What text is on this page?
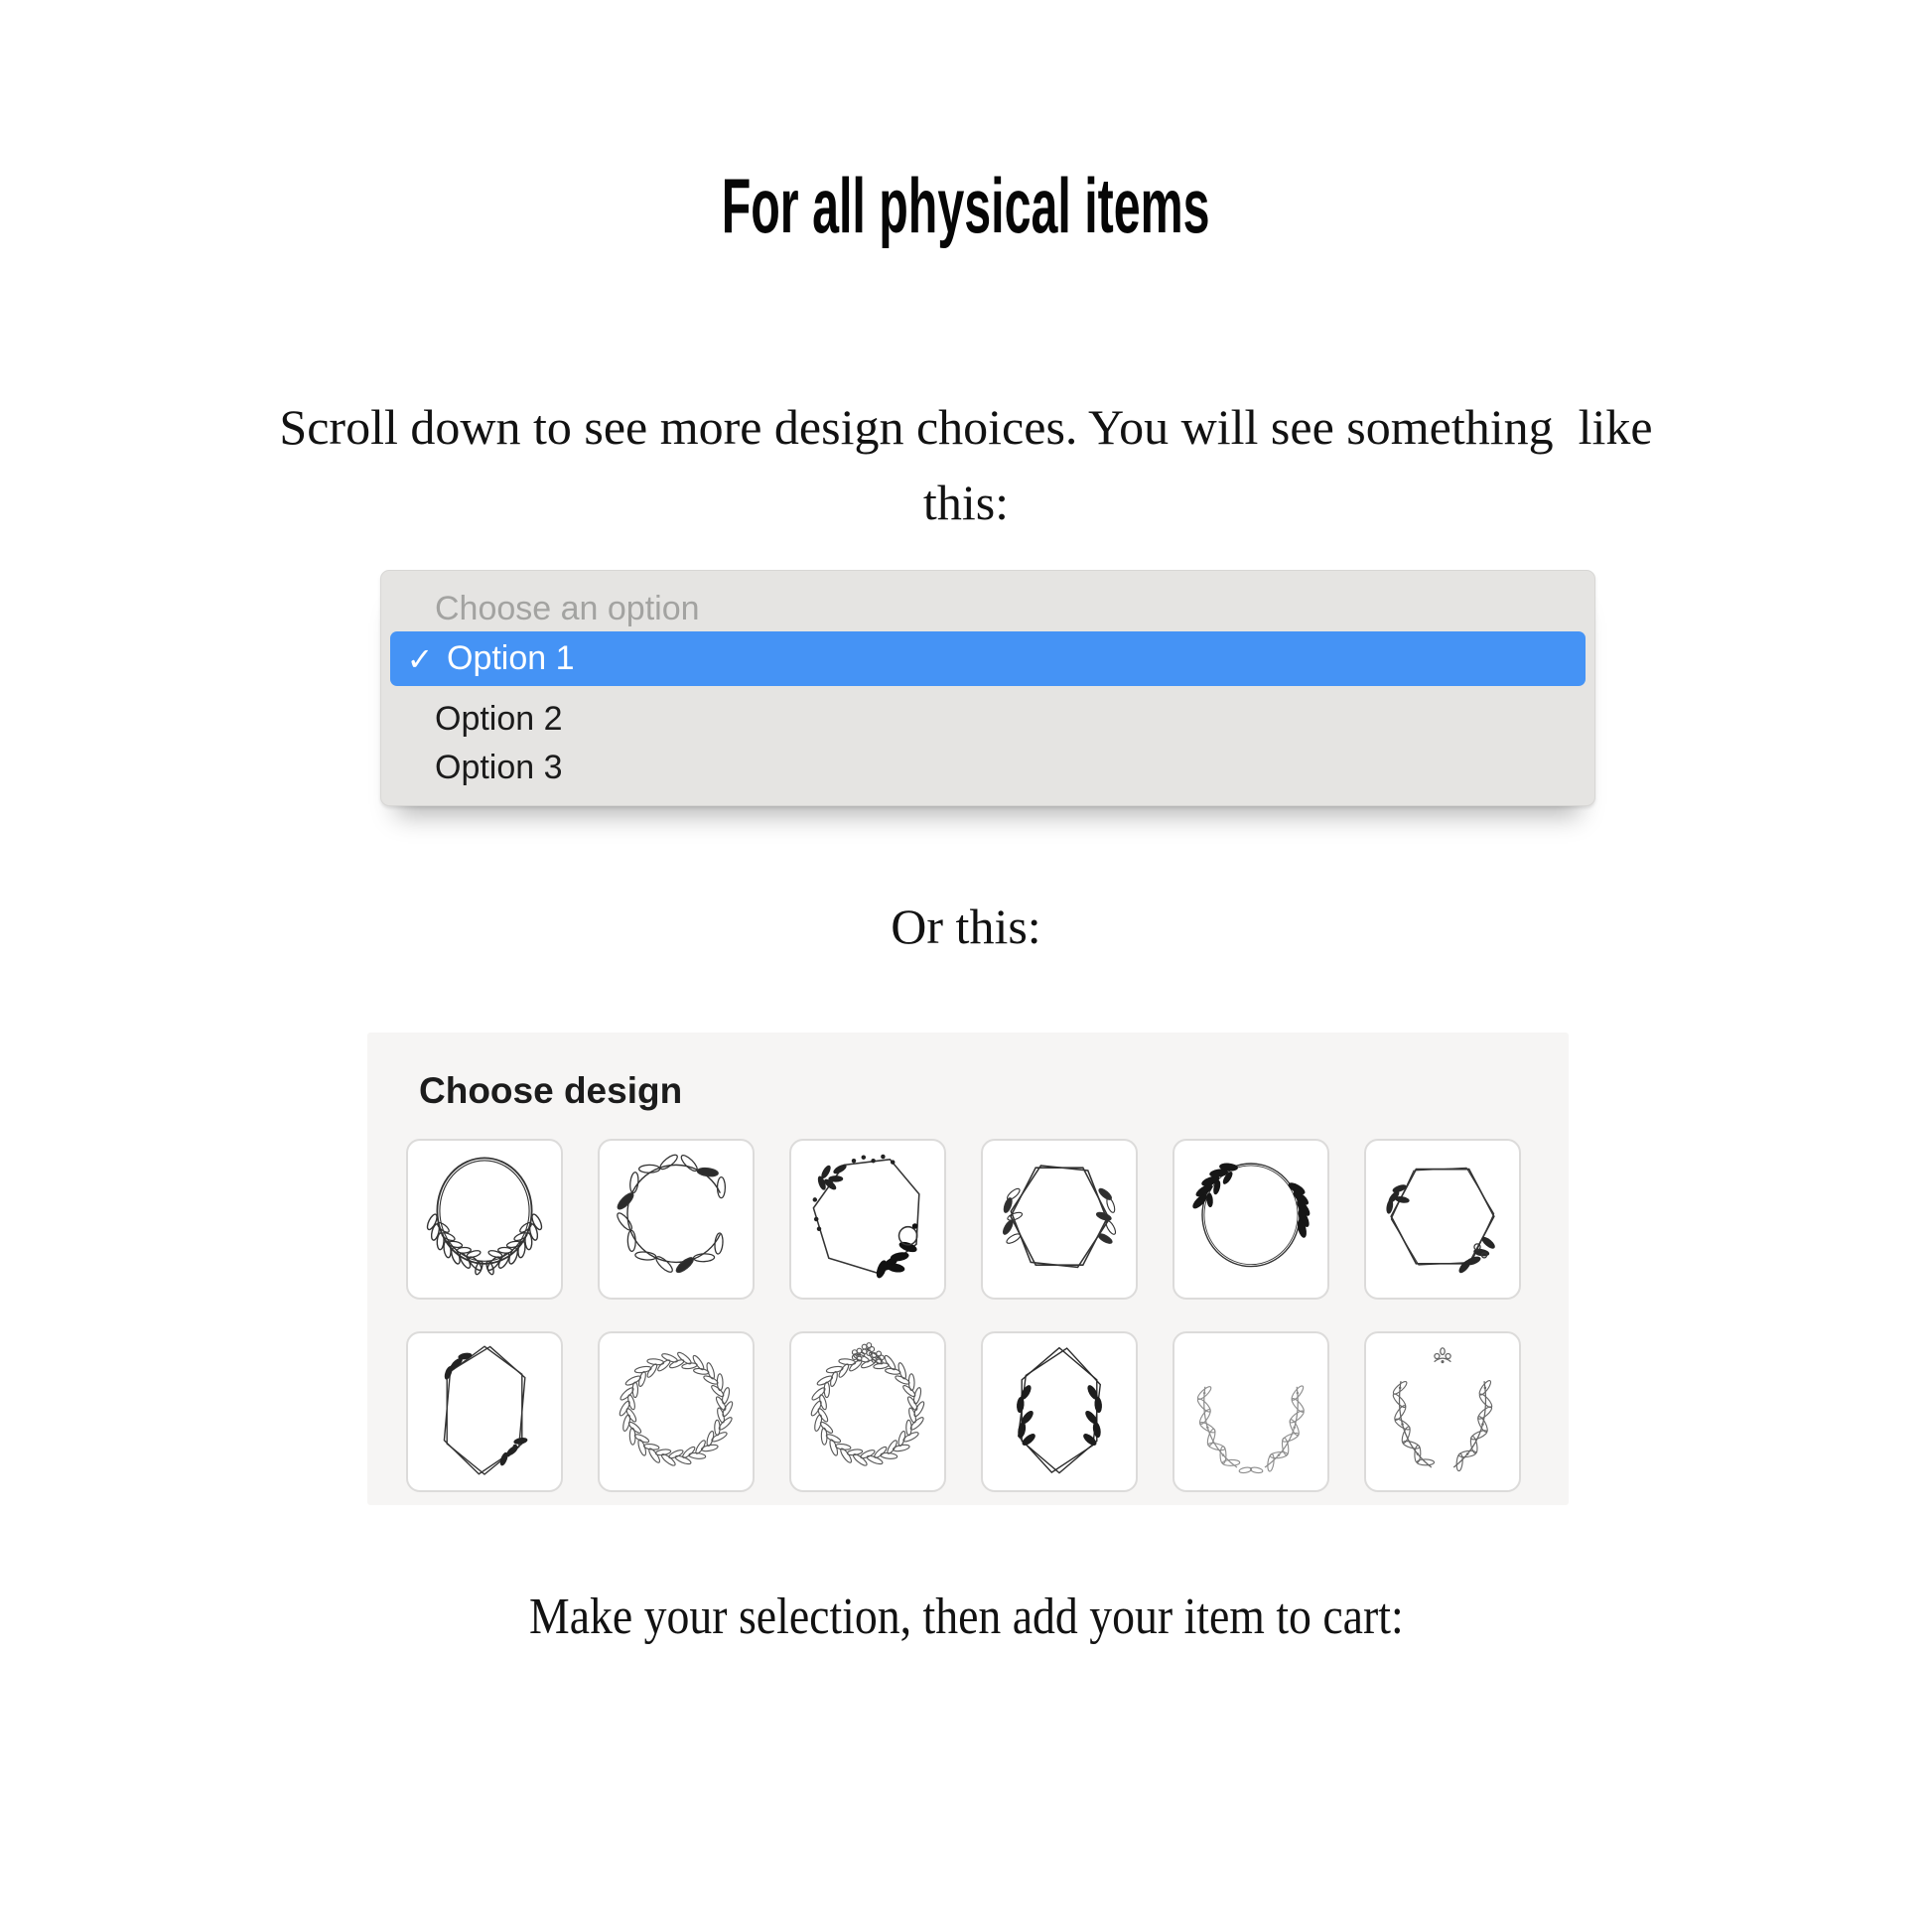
For all physical items
Scroll down to see more design choices. You will see something  like
this:
Choose an option
✓ Option 1
Option 2
Option 3
Or this:
Choose design
Make your selection, then add your item to cart:
